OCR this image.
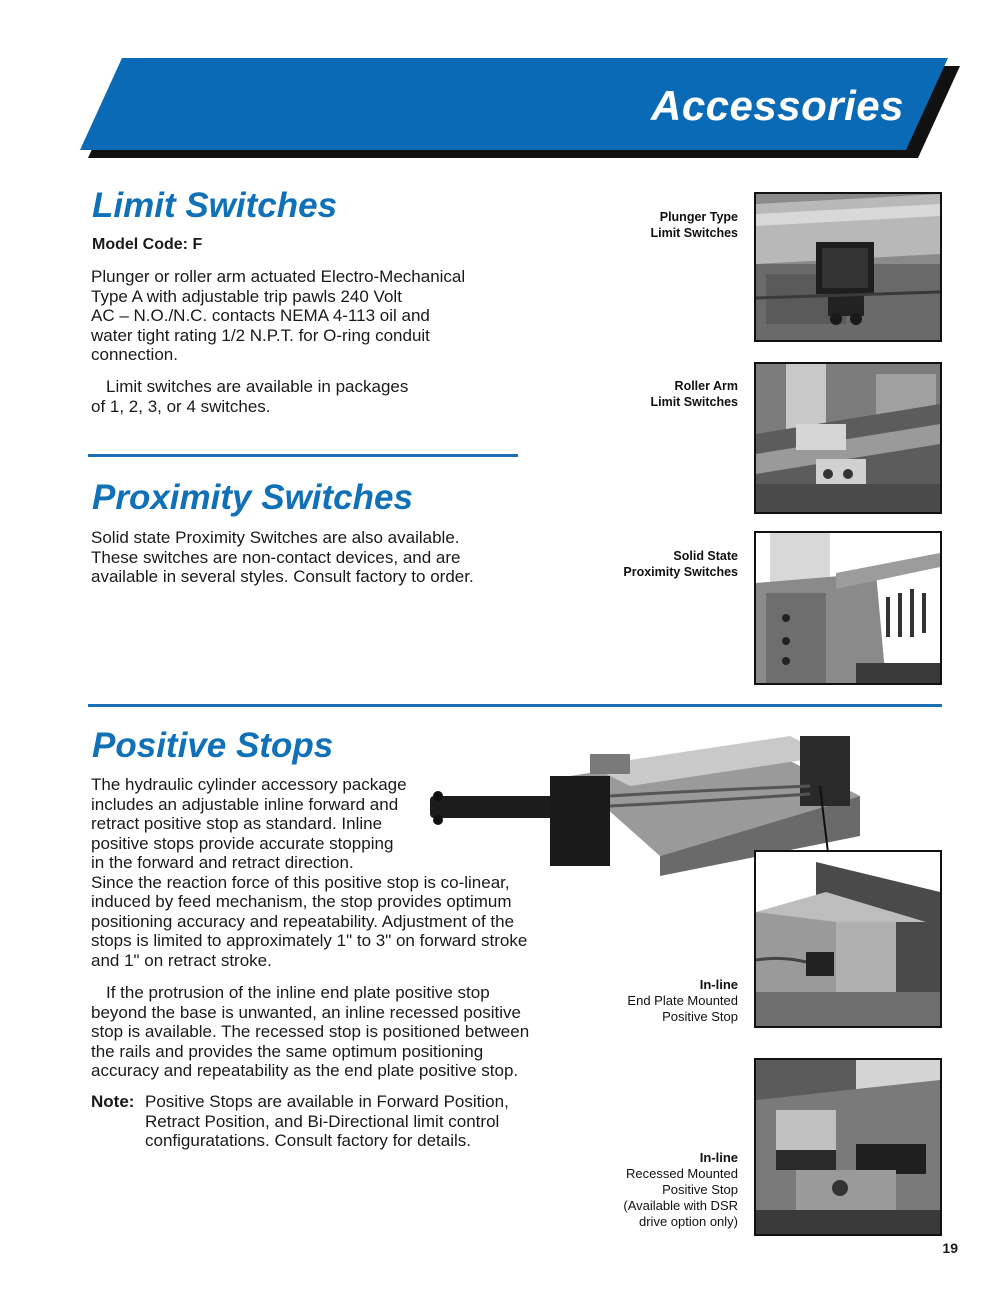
Accessories
Limit Switches
Model Code: F
Plunger or roller arm actuated Electro-Mechanical
Type A with adjustable trip pawls 240 Volt
AC – N.O./N.C. contacts NEMA 4-113 oil and
water tight rating 1/2 N.P.T. for O-ring conduit
connection.
Limit switches are available in packages
of 1, 2, 3, or 4 switches.
Proximity Switches
Solid state Proximity Switches are also available.
These switches are non-contact devices, and are
available in several styles. Consult factory to order.
Positive Stops
The hydraulic cylinder accessory package
includes an adjustable inline forward and
retract positive stop as standard. Inline
positive stops provide accurate stopping
in the forward and retract direction.
Since the reaction force of this positive stop is co-linear,
induced by feed mechanism, the stop provides optimum
positioning accuracy and repeatability. Adjustment of the
stops is limited to approximately 1" to 3" on forward stroke
and 1" on retract stroke.
If the protrusion of the inline end plate positive stop
beyond the base is unwanted, an inline recessed positive
stop is available. The recessed stop is positioned between
the rails and provides the same optimum positioning
accuracy and repeatability as the end plate positive stop.
Note: Positive Stops are available in Forward Position,
Retract Position, and Bi-Directional limit control
configuratations. Consult factory for details.
Plunger Type
Limit Switches
Roller Arm
Limit Switches
Solid State
Proximity Switches
In-line
End Plate Mounted
Positive Stop
In-line
Recessed Mounted
Positive Stop
(Available with DSR
drive option only)
19
